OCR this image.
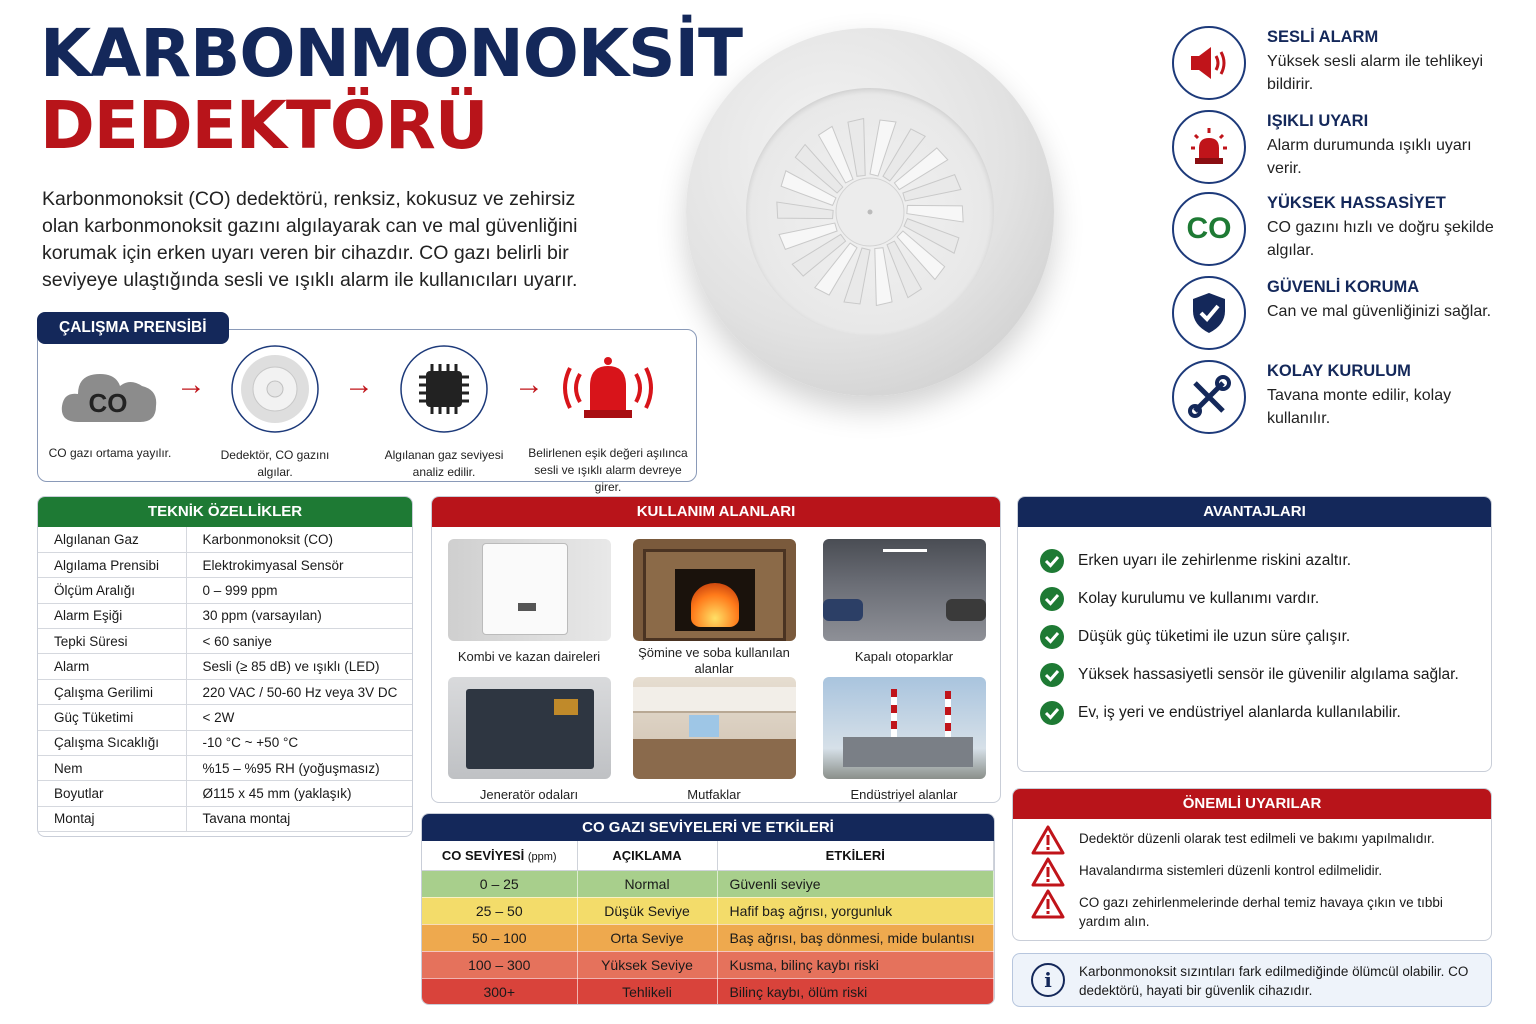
KARBONMONOKSİT
DEDEKTÖRÜ

Karbonmonoksit (CO) dedektörü, renksiz, kokusuz ve zehirsiz olan karbonmonoksit gazını algılayarak can ve mal güvenliğini korumak için erken uyarı veren bir cihazdır. CO gazı belirli bir seviyeye ulaştığında sesli ve ışıklı alarm ile kullanıcıları uyarır.

SESLİ ALARM
Yüksek sesli alarm ile tehlikeyi bildirir.
IŞIKLI UYARI
Alarm durumunda ışıklı uyarı verir.
CO
YÜKSEK HASSASİYET
CO gazını hızlı ve doğru şekilde algılar.
GÜVENLİ KORUMA
Can ve mal güvenliğinizi sağlar.
KOLAY KURULUM
Tavana monte edilir, kolay kullanılır.
CO
CO gazı ortama yayılır.
→
Dedektör, CO gazını algılar.
→
Algılanan gaz seviyesi analiz edilir.
→
Belirlenen eşik değeri aşılınca sesli ve ışıklı alarm devreye girer.
ÇALIŞMA PRENSİBİ
TEKNİK ÖZELLİKLER
Algılanan Gaz	Karbonmonoksit (CO)
Algılama Prensibi	Elektrokimyasal Sensör
Ölçüm Aralığı	0 – 999 ppm
Alarm Eşiği	30 ppm (varsayılan)
Tepki Süresi	< 60 saniye
Alarm	Sesli (≥ 85 dB) ve ışıklı (LED)
Çalışma Gerilimi	220 VAC / 50-60 Hz veya 3V DC
Güç Tüketimi	< 2W
Çalışma Sıcaklığı	-10 °C ~ +50 °C
Nem	%15 – %95 RH (yoğuşmasız)
Boyutlar	Ø115 x 45 mm (yaklaşık)
Montaj	Tavana montaj
KULLANIM ALANLARI
Kombi ve kazan daireleri	Şömine ve soba kullanılan alanlar
Kapalı otoparklar
Jeneratör odaları	Mutfaklar	Endüstriyel alanlar
CO GAZI SEVİYELERİ VE ETKİLERİ
CO SEVİYESİ (ppm)	AÇIKLAMA	ETKİLERİ
0 – 25	Normal	Güvenli seviye
25 – 50	Düşük Seviye	Hafif baş ağrısı, yorgunluk
50 – 100	Orta Seviye	Baş ağrısı, baş dönmesi, mide bulantısı
100 – 300	Yüksek Seviye	Kusma, bilinç kaybı riski
300+	Tehlikeli	Bilinç kaybı, ölüm riski
AVANTAJLARI
Erken uyarı ile zehirlenme riskini azaltır.
Kolay kurulumu ve kullanımı vardır.
Düşük güç tüketimi ile uzun süre çalışır.
Yüksek hassasiyetli sensör ile güvenilir algılama sağlar.
Ev, iş yeri ve endüstriyel alanlarda kullanılabilir.
ÖNEMLİ UYARILAR
Dedektör düzenli olarak test edilmeli ve bakımı yapılmalıdır.
Havalandırma sistemleri düzenli kontrol edilmelidir.
CO gazı zehirlenmelerinde derhal temiz havaya çıkın ve tıbbi yardım alın.
i	Karbonmonoksit sızıntıları fark edilmediğinde ölümcül olabilir. CO dedektörü, hayati bir güvenlik cihazıdır.
